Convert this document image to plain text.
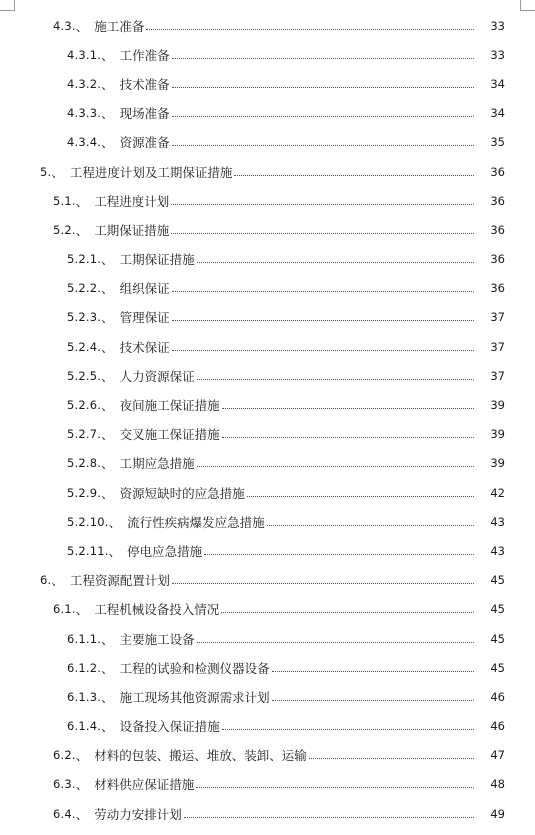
4.3. 、 施工准备	33
4.3.1. 、 工作准备	33
4.3.2. 、 技术准备	34
4.3.3. 、 现场准备	34
4.3.4. 、 资源准备	35
5. 、 工程进度计划及工期保证措施	36
5.1. 、 工程进度计划	36
5.2. 、 工期保证措施	36
5.2.1. 、 工期保证措施	36
5.2.2. 、 组织保证	36
5.2.3. 、 管理保证	37
5.2.4. 、 技术保证	37
5.2.5. 、 人力资源保证	37
5.2.6. 、 夜间施工保证措施	39
5.2.7. 、 交叉施工保证措施	39
5.2.8. 、 工期应急措施	39
5.2.9. 、 资源短缺时的应急措施	42
5.2.10. 、 流行性疾病爆发应急措施	43
5.2.11. 、 停电应急措施	43
6. 、 工程资源配置计划	45
6.1. 、 工程机械设备投入情况	45
6.1.1. 、 主要施工设备	45
6.1.2. 、 工程的试验和检测仪器设备	45
6.1.3. 、 施工现场其他资源需求计划	46
6.1.4. 、 设备投入保证措施	46
6.2. 、 材料的包装、搬运、堆放、装卸、运输	47
6.3. 、 材料供应保证措施	48
6.4. 、 劳动力安排计划	49
